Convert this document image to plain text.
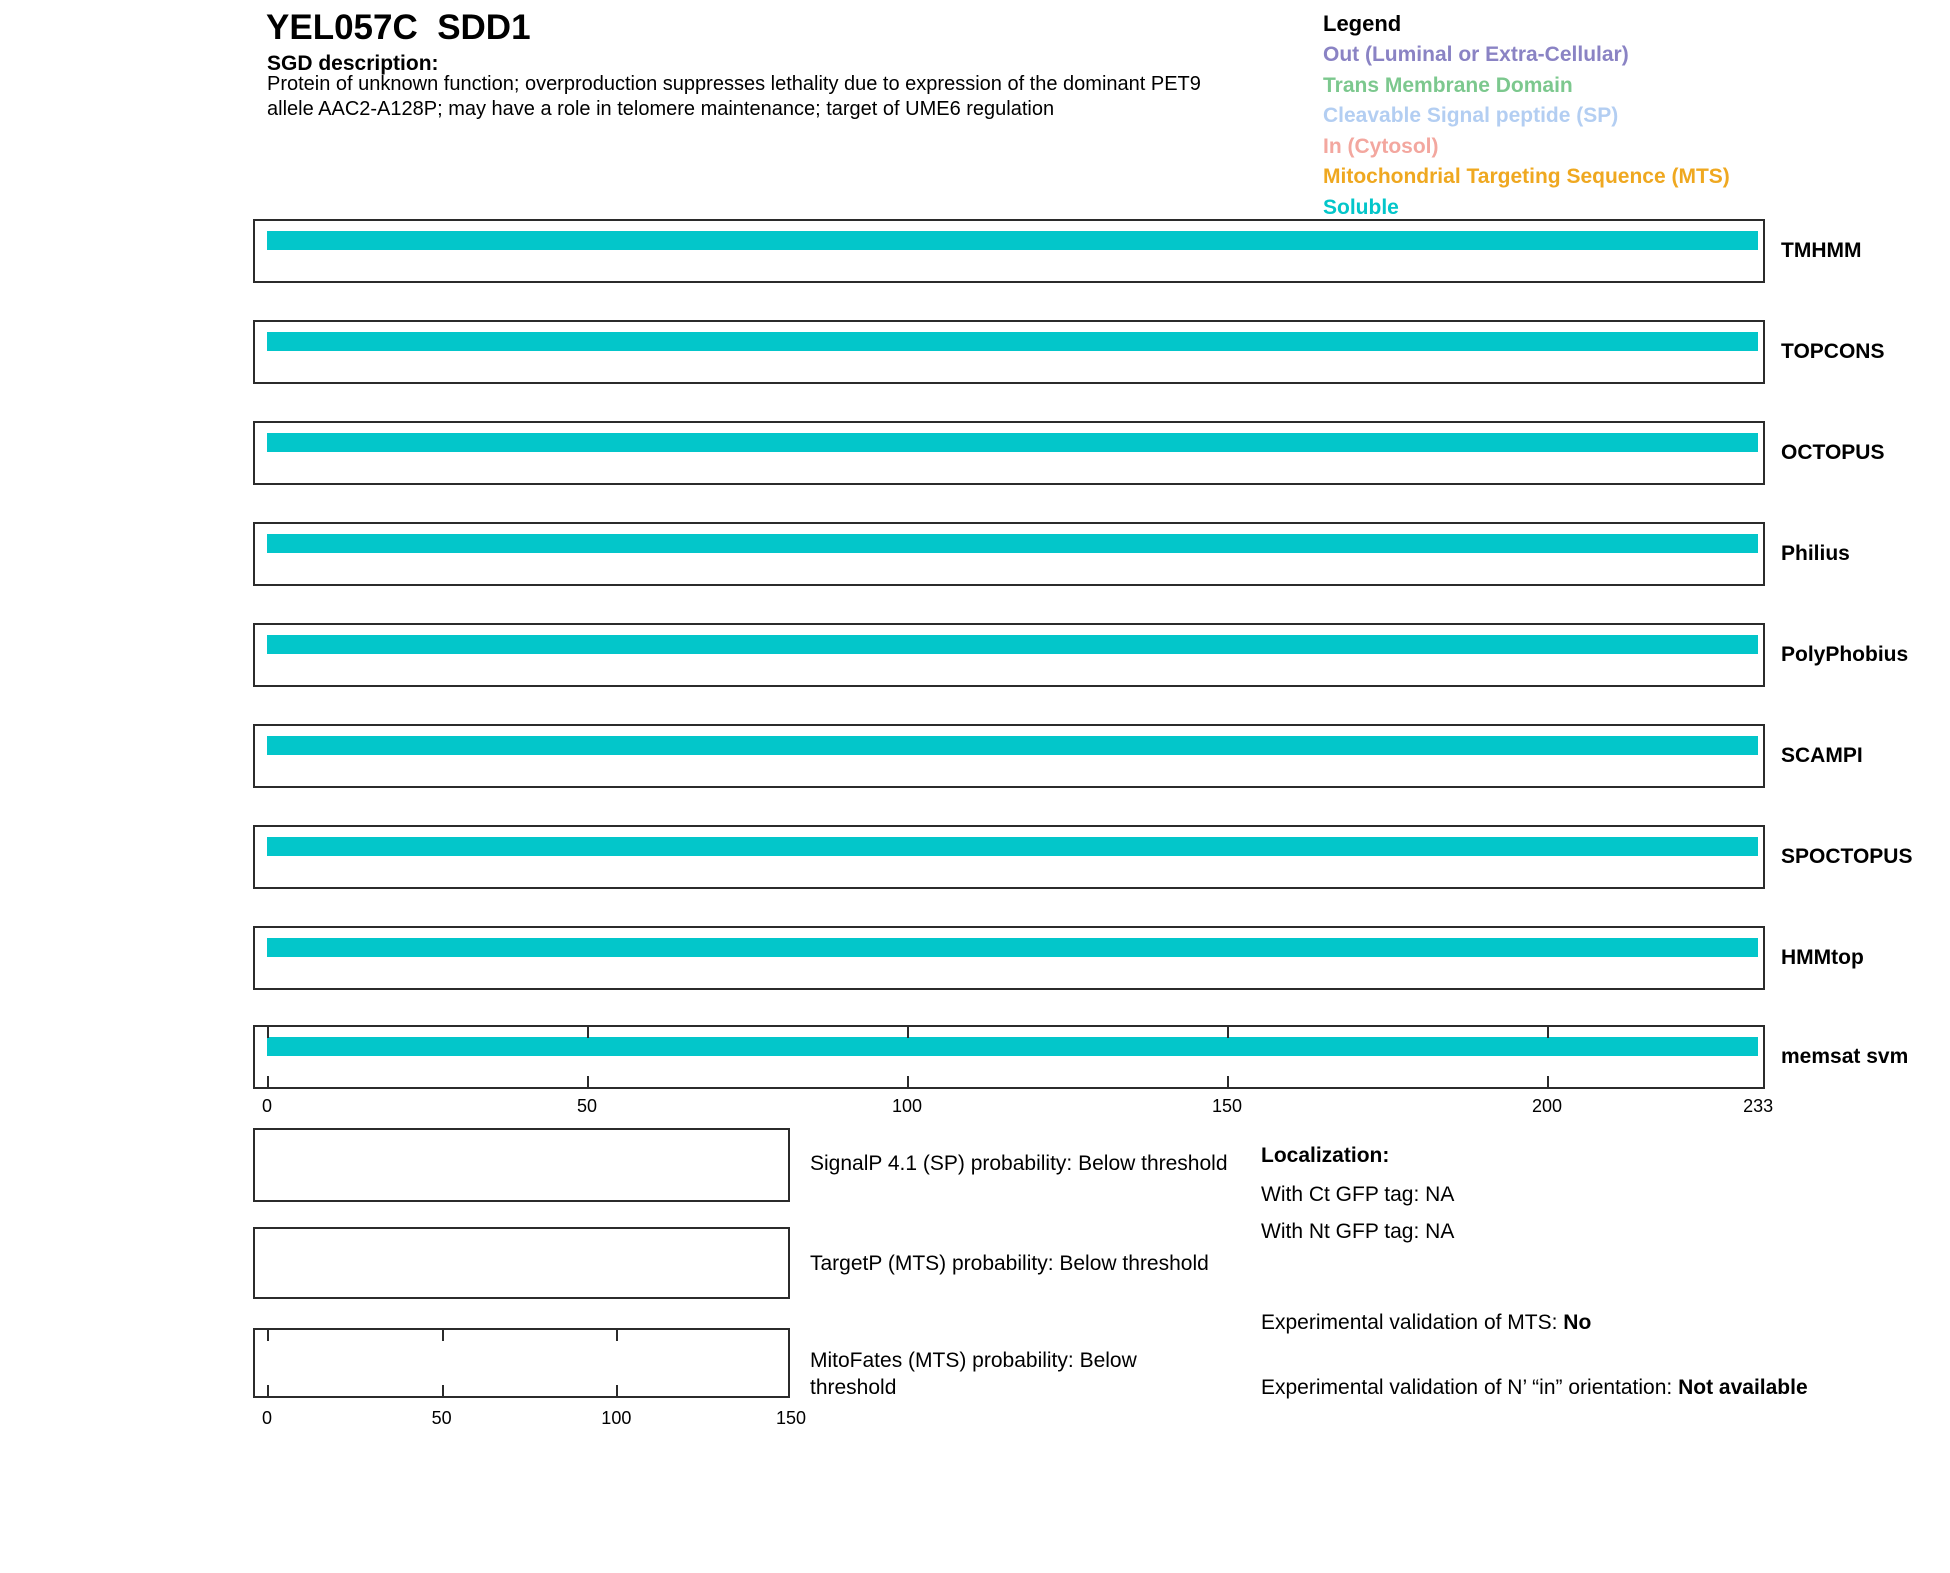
YEL057C  SDD1
SGD description:
Protein of unknown function; overproduction suppresses lethality due to expression of the dominant PET9
allele AAC2-A128P; may have a role in telomere maintenance; target of UME6 regulation
Legend
Out (Luminal or Extra-Cellular)
Trans Membrane Domain
Cleavable Signal peptide (SP)
In (Cytosol)
Mitochondrial Targeting Sequence (MTS)
Soluble
TMHMM
TOPCONS
OCTOPUS
Philius
PolyPhobius
SCAMPI
SPOCTOPUS
HMMtop
memsat svm
SignalP 4.1 (SP) probability: Below threshold
TargetP (MTS) probability: Below threshold
MitoFates (MTS) probability: Below threshold
Localization:
With Ct GFP tag: NA
With Nt GFP tag: NA
Experimental validation of MTS: No
Experimental validation of N’ “in” orientation: Not available
0	50	100	150	200	233
0	50	100	150
